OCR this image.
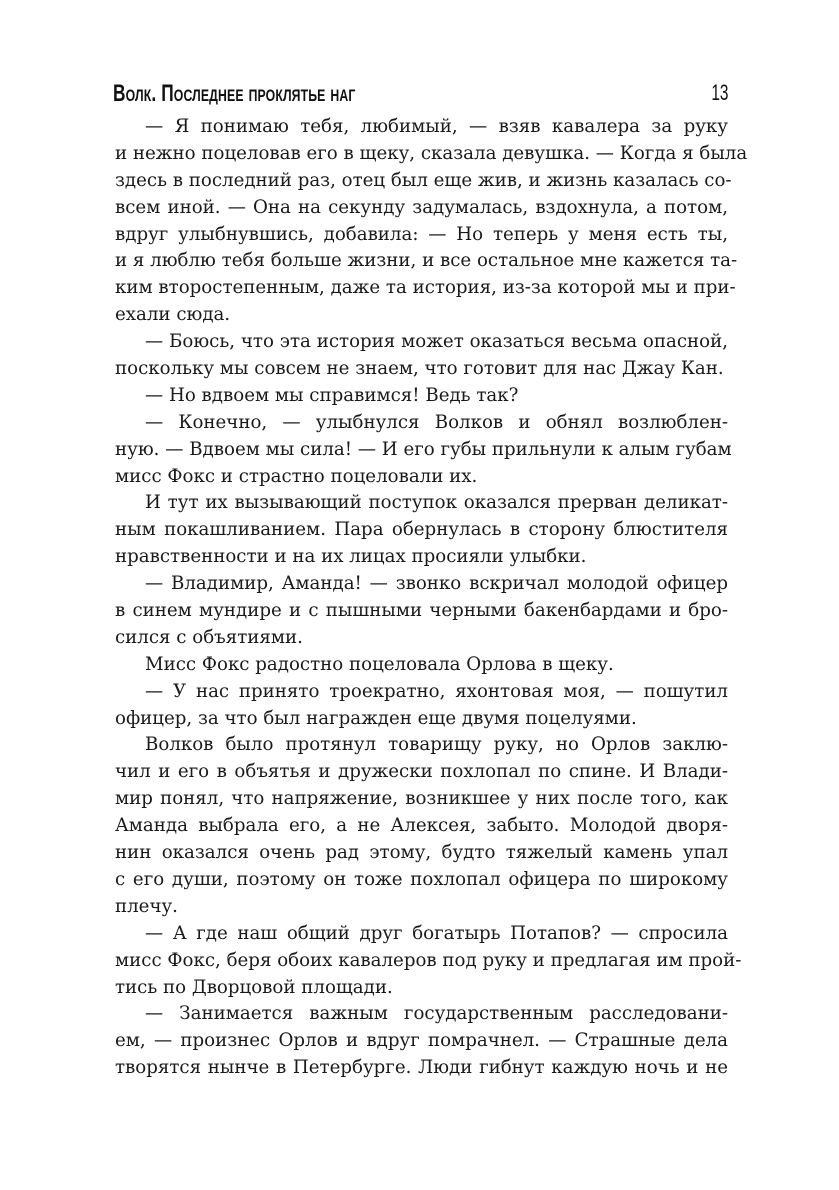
Волк. Последнее проклятье наг	13
— Я понимаю тебя, любимый, — взяв кавалера за руку
и нежно поцеловав его в щеку, сказала девушка. — Когда я была
здесь в последний раз, отец был еще жив, и жизнь казалась со-
всем иной. — Она на секунду задумалась, вздохнула, а потом,
вдруг улыбнувшись, добавила: — Но теперь у меня есть ты,
и я люблю тебя больше жизни, и все остальное мне кажется та-
ким второстепенным, даже та история, из-за которой мы и при-
ехали сюда.
— Боюсь, что эта история может оказаться весьма опасной,
поскольку мы совсем не знаем, что готовит для нас Джау Кан.
— Но вдвоем мы справимся! Ведь так?
— Конечно, — улыбнулся Волков и обнял возлюблен-
ную. — Вдвоем мы сила! — И его губы прильнули к алым губам
мисс Фокс и страстно поцеловали их.
И тут их вызывающий поступок оказался прерван деликат-
ным покашливанием. Пара обернулась в сторону блюстителя
нравственности и на их лицах просияли улыбки.
— Владимир, Аманда! — звонко вскричал молодой офицер
в синем мундире и с пышными черными бакенбардами и бро-
сился с объятиями.
Мисс Фокс радостно поцеловала Орлова в щеку.
— У нас принято троекратно, яхонтовая моя, — пошутил
офицер, за что был награжден еще двумя поцелуями.
Волков было протянул товарищу руку, но Орлов заклю-
чил и его в объятья и дружески похлопал по спине. И Влади-
мир понял, что напряжение, возникшее у них после того, как
Аманда выбрала его, а не Алексея, забыто. Молодой дворя-
нин оказался очень рад этому, будто тяжелый камень упал
с его души, поэтому он тоже похлопал офицера по широкому
плечу.
— А где наш общий друг богатырь Потапов? — спросила
мисс Фокс, беря обоих кавалеров под руку и предлагая им прой-
тись по Дворцовой площади.
— Занимается важным государственным расследовани-
ем, — произнес Орлов и вдруг помрачнел. — Страшные дела
творятся нынче в Петербурге. Люди гибнут каждую ночь и не
